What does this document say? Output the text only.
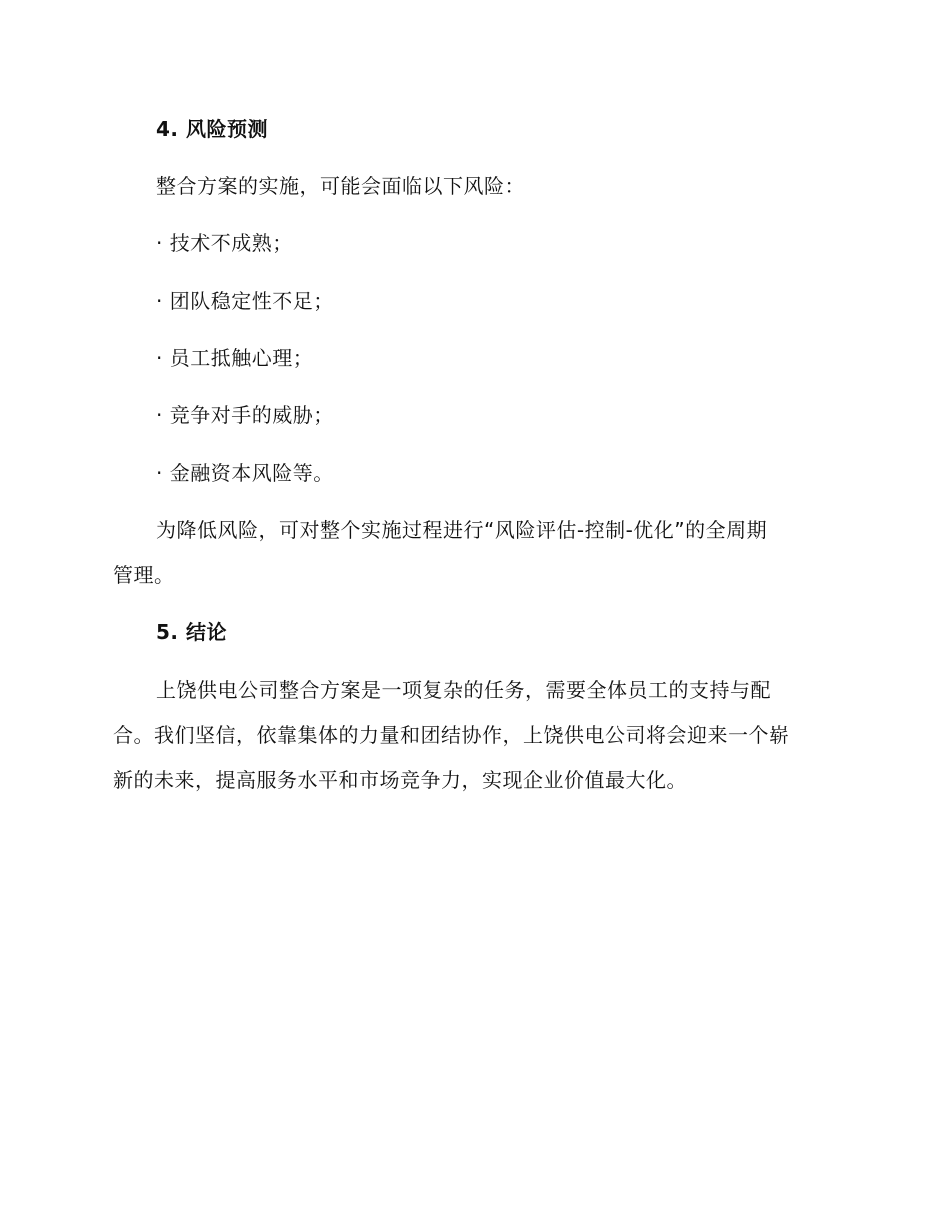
4. 风险预测
整合方案的实施，可能会面临以下风险：
· 技术不成熟；
· 团队稳定性不足；
· 员工抵触心理；
· 竞争对手的威胁；
· 金融资本风险等。
为降低风险，可对整个实施过程进行“风险评估-控制-优化”的全周期
管理。
5. 结论
上饶供电公司整合方案是一项复杂的任务，需要全体员工的支持与配
合。我们坚信，依靠集体的力量和团结协作，上饶供电公司将会迎来一个崭
新的未来，提高服务水平和市场竞争力，实现企业价值最大化。
